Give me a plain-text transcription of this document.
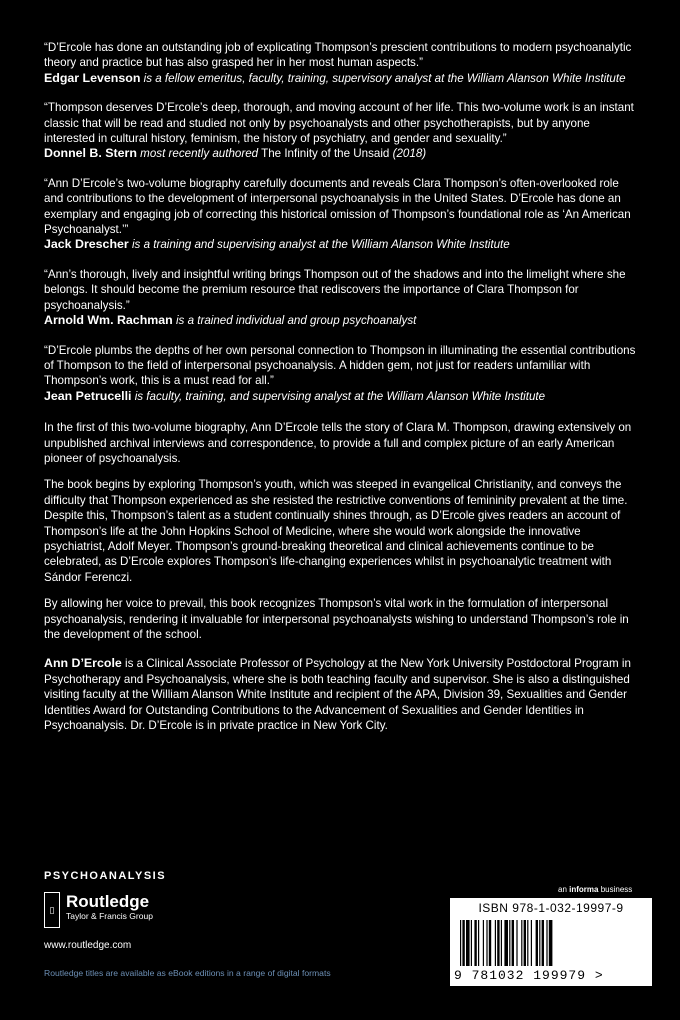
“D’Ercole has done an outstanding job of explicating Thompson’s prescient contributions to modern psychoanalytic theory and practice but has also grasped her in her most human aspects.”

Edgar Levenson is a fellow emeritus, faculty, training, supervisory analyst at the William Alanson White Institute

“Thompson deserves D’Ercole’s deep, thorough, and moving account of her life. This two-volume work is an instant classic that will be read and studied not only by psychoanalysts and other psychotherapists, but by anyone interested in cultural history, feminism, the history of psychiatry, and gender and sexuality.”

Donnel B. Stern most recently authored The Infinity of the Unsaid (2018)

“Ann D’Ercole’s two-volume biography carefully documents and reveals Clara Thompson’s often-overlooked role and contributions to the development of interpersonal psychoanalysis in the United States. D’Ercole has done an exemplary and engaging job of correcting this historical omission of Thompson’s foundational role as ‘An American Psychoanalyst.’”

Jack Drescher is a training and supervising analyst at the William Alanson White Institute

“Ann’s thorough, lively and insightful writing brings Thompson out of the shadows and into the limelight where she belongs. It should become the premium resource that rediscovers the importance of Clara Thompson for psychoanalysis.”

Arnold Wm. Rachman is a trained individual and group psychoanalyst

“D’Ercole plumbs the depths of her own personal connection to Thompson in illuminating the essential contributions of Thompson to the field of interpersonal psychoanalysis. A hidden gem, not just for readers unfamiliar with Thompson’s work, this is a must read for all.”

Jean Petrucelli is faculty, training, and supervising analyst at the William Alanson White Institute

In the first of this two-volume biography, Ann D’Ercole tells the story of Clara M. Thompson, drawing extensively on unpublished archival interviews and correspondence, to provide a full and complex picture of an early American pioneer of psychoanalysis.

The book begins by exploring Thompson’s youth, which was steeped in evangelical Christianity, and conveys the difficulty that Thompson experienced as she resisted the restrictive conventions of femininity prevalent at the time. Despite this, Thompson’s talent as a student continually shines through, as D’Ercole gives readers an account of Thompson’s life at the John Hopkins School of Medicine, where she would work alongside the innovative psychiatrist, Adolf Meyer. Thompson’s ground-breaking theoretical and clinical achievements continue to be celebrated, as D’Ercole explores Thompson’s life-changing experiences whilst in psychoanalytic treatment with Sándor Ferenczi.

By allowing her voice to prevail, this book recognizes Thompson’s vital work in the formulation of interpersonal psychoanalysis, rendering it invaluable for interpersonal psychoanalysts wishing to understand Thompson’s role in the development of the school.

Ann D’Ercole is a Clinical Associate Professor of Psychology at the New York University Postdoctoral Program in Psychotherapy and Psychoanalysis, where she is both teaching faculty and supervisor. She is also a distinguished visiting faculty at the William Alanson White Institute and recipient of the APA, Division 39, Sexualities and Gender Identities Award for Outstanding Contributions to the Advancement of Sexualities and Gender Identities in Psychoanalysis. Dr. D’Ercole is in private practice in New York City.
PSYCHOANALYSIS
▯ Routledge
Taylor & Francis Group
www.routledge.com
Routledge titles are available as eBook editions in a range of digital formats
an informa business
ISBN 978-1-032-19997-9
9 781032 199979 >
